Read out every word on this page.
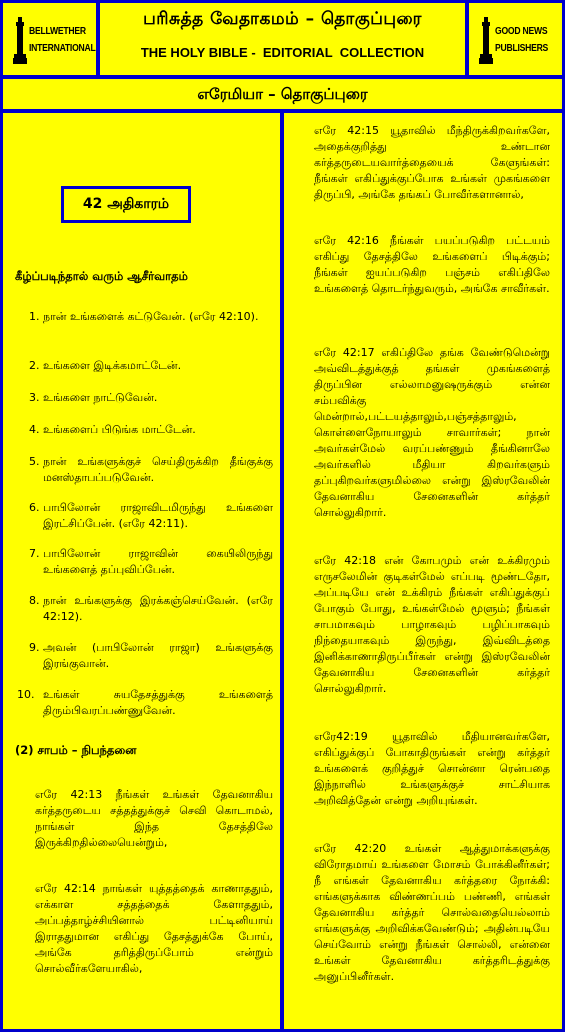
BELLWETHER
INTERNATIONAL
பரிசுத்த வேதாகமம் – தொகுப்புரை
THE HOLY BIBLE -  EDITORIAL  COLLECTION
GOOD NEWS
PUBLISHERS
எரேமியா – தொகுப்புரை
42 அதிகாரம்
கீழ்ப்படிந்தால் வரும் ஆசீர்வாதம்
1. நான் உங்களைக் கட்டுவேன். (எரே 42:10).
2. உங்களை இடிக்கமாட்டேன்.
3. உங்களை நாட்டுவேன்.
4. உங்களைப் பிடுங்க மாட்டேன்.
5. நான் உங்களுக்குச் செய்திருக்கிற தீங்குக்கு மனஸ்தாபப்படுவேன்.
6. பாபிலோன் ராஜாவிடமிருந்து உங்களை இரட்சிப்பேன். (எரே 42:11).
7. பாபிலோன் ராஜாவின் கையிலிருந்து உங்களைத் தப்புவிப்பேன்.
8. நான் உங்களுக்கு இரக்கஞ்செய்வேன். (எரே 42:12).
9. அவன் (பாபிலோன் ராஜா) உங்களுக்கு இரங்குவான்.
10. உங்கள் சுயதேசத்துக்கு உங்களைத் திரும்பிவரப்பண்ணுவேன்.
(2) சாபம் – நிபந்தனை
எரே 42:13 நீங்கள் உங்கள் தேவனாகிய கர்த்தருடைய சத்தத்துக்குச் செவி கொடாமல், நாங்கள் இந்த தேசத்திலே இருக்கிறதில்லையென்றும்,
எரே 42:14 நாங்கள் யுத்தத்தைக் காணாததும், எக்காள சத்தத்தைக் கேளாததும், அப்பத்தாழ்ச்சியினால் பட்டினியாய் இராததுமான எகிப்து தேசத்துக்கே போய், அங்கே தரித்திருப்போம் என்றும் சொல்வீர்களேயாகில்,
எரே 42:15 யூதாவில் மீந்திருக்கிறவர்களே, அதைக்குறித்து உண்டான கர்த்தருடையவார்த்தையைக் கேளுங்கள்: நீங்கள் எகிப்துக்குப்போக உங்கள் முகங்களை திருப்பி, அங்கே தங்கப் போவீர்களானால்,
எரே 42:16 நீங்கள் பயப்படுகிற பட்டயம் எகிப்து தேசத்திலே உங்களைப் பிடிக்கும்; நீங்கள் ஐயப்படுகிற பஞ்சம் எகிப்திலே உங்களைத் தொடர்ந்துவரும், அங்கே சாவீர்கள்.
எரே 42:17 எகிப்திலே தங்க வேண்டுமென்று அவ்விடத்துக்குத் தங்கள் முகங்களைத் திருப்பின எல்லாமனுஷருக்கும் என்ன சம்பவிக்கு மென்றால்,பட்டயத்தாலும்,பஞ்சத்தாலும், கொள்ளைநோயாலும் சாவார்கள்; நான் அவர்கள்மேல் வரப்பண்ணும் தீங்கினாலே அவர்களில் மீதியா கிறவர்களும் தப்புகிறவர்களுமில்லை என்று இஸ்ரவேலின் தேவனாகிய சேனைகளின் கர்த்தர் சொல்லுகிறார்.
எரே 42:18 என் கோபமும் என் உக்கிரமும் எருசலேமின் குடிகள்மேல் எப்படி மூண்டதோ, அப்படியே என் உக்கிரம் நீங்கள் எகிப்துக்குப் போகும் போது, உங்கள்மேல் மூளும்; நீங்கள் சாபமாகவும் பாழாகவும் பழிப்பாகவும் நிந்தையாகவும் இருந்து, இவ்விடத்தை இனிக்காணாதிருப்பீர்கள் என்று இஸ்ரவேலின் தேவனாகிய சேனைகளின் கர்த்தர் சொல்லுகிறார்.
எரே42:19 யூதாவில் மீதியானவர்களே, எகிப்துக்குப் போகாதிருங்கள் என்று கர்த்தர் உங்களைக் குறித்துச் சொன்னா ரென்பதை இந்நாளில் உங்களுக்குச் சாட்சியாக அறிவித்தேன் என்று அறியுங்கள்.
எரே 42:20 உங்கள் ஆத்துமாக்களுக்கு விரோதமாய் உங்களை மோசம் போக்கினீர்கள்; நீ எங்கள் தேவனாகிய கர்த்தரை நோக்கி: எங்களுக்காக விண்ணப்பம் பண்ணி, எங்கள் தேவனாகிய கர்த்தர் சொல்வதையெல்லாம் எங்களுக்கு அறிவிக்கவேண்டும்; அதின்படியே செய்வோம் என்று நீங்கள் சொல்லி, என்னை உங்கள் தேவனாகிய கர்த்தரிடத்துக்கு அனுப்பினீர்கள்.
